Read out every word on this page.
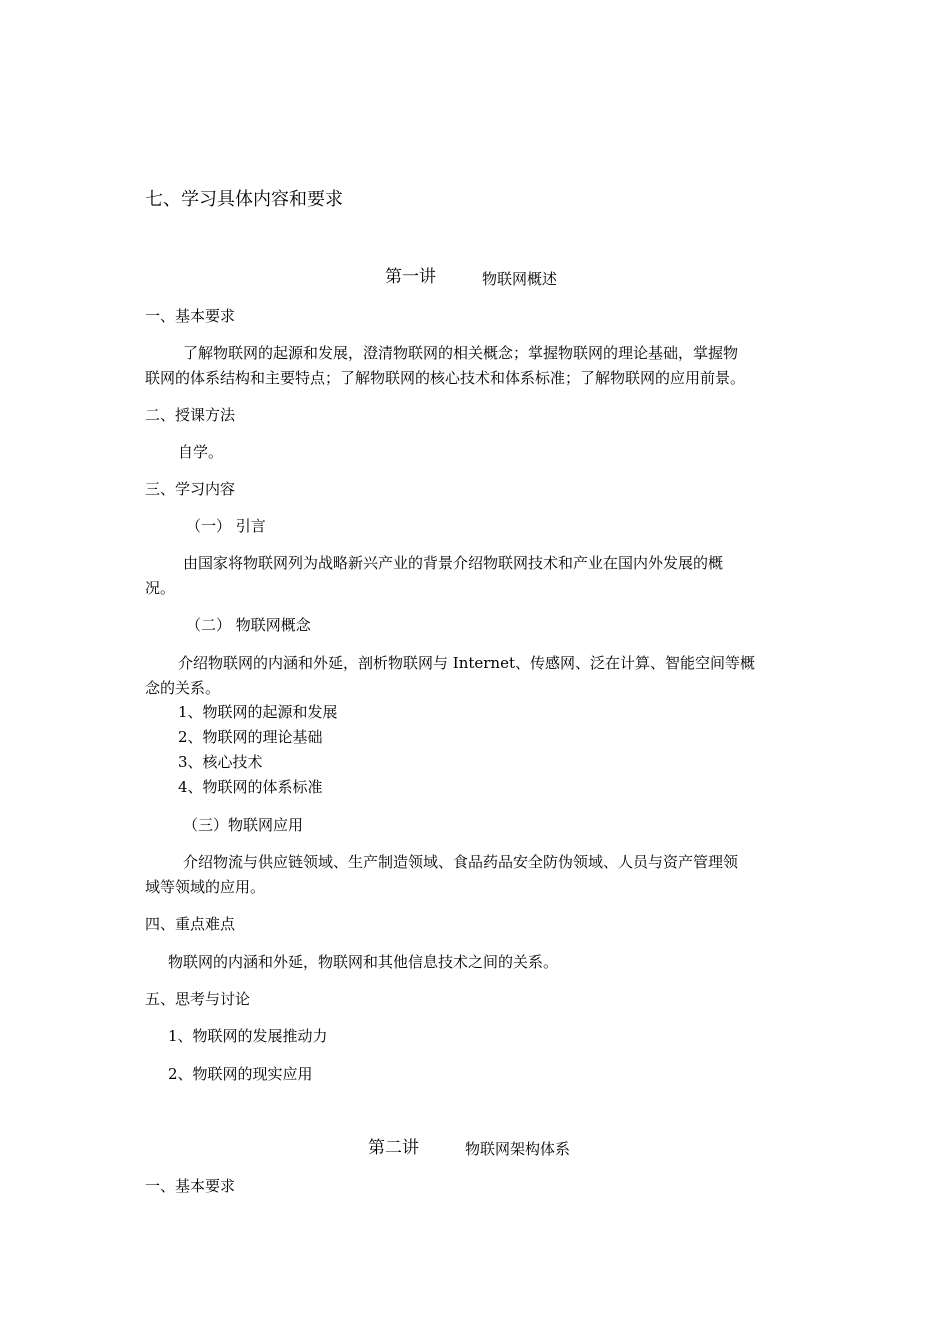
七、学习具体内容和要求
第一讲	物联网概述
一、基本要求
了解物联网的起源和发展，澄清物联网的相关概念；掌握物联网的理论基础，掌握物
联网的体系结构和主要特点；了解物联网的核心技术和体系标准；了解物联网的应用前景。
二、授课方法
自学。
三、学习内容
（一） 引言
由国家将物联网列为战略新兴产业的背景介绍物联网技术和产业在国内外发展的概
况。
（二） 物联网概念
介绍物联网的内涵和外延，剖析物联网与 Internet、传感网、泛在计算、智能空间等概
念的关系。
1、物联网的起源和发展
2、物联网的理论基础
3、核心技术
4、物联网的体系标准
（三）物联网应用
介绍物流与供应链领域、生产制造领域、食品药品安全防伪领域、人员与资产管理领
域等领域的应用。
四、重点难点
物联网的内涵和外延，物联网和其他信息技术之间的关系。
五、思考与讨论
1、物联网的发展推动力
2、物联网的现实应用
第二讲	物联网架构体系
一、基本要求
